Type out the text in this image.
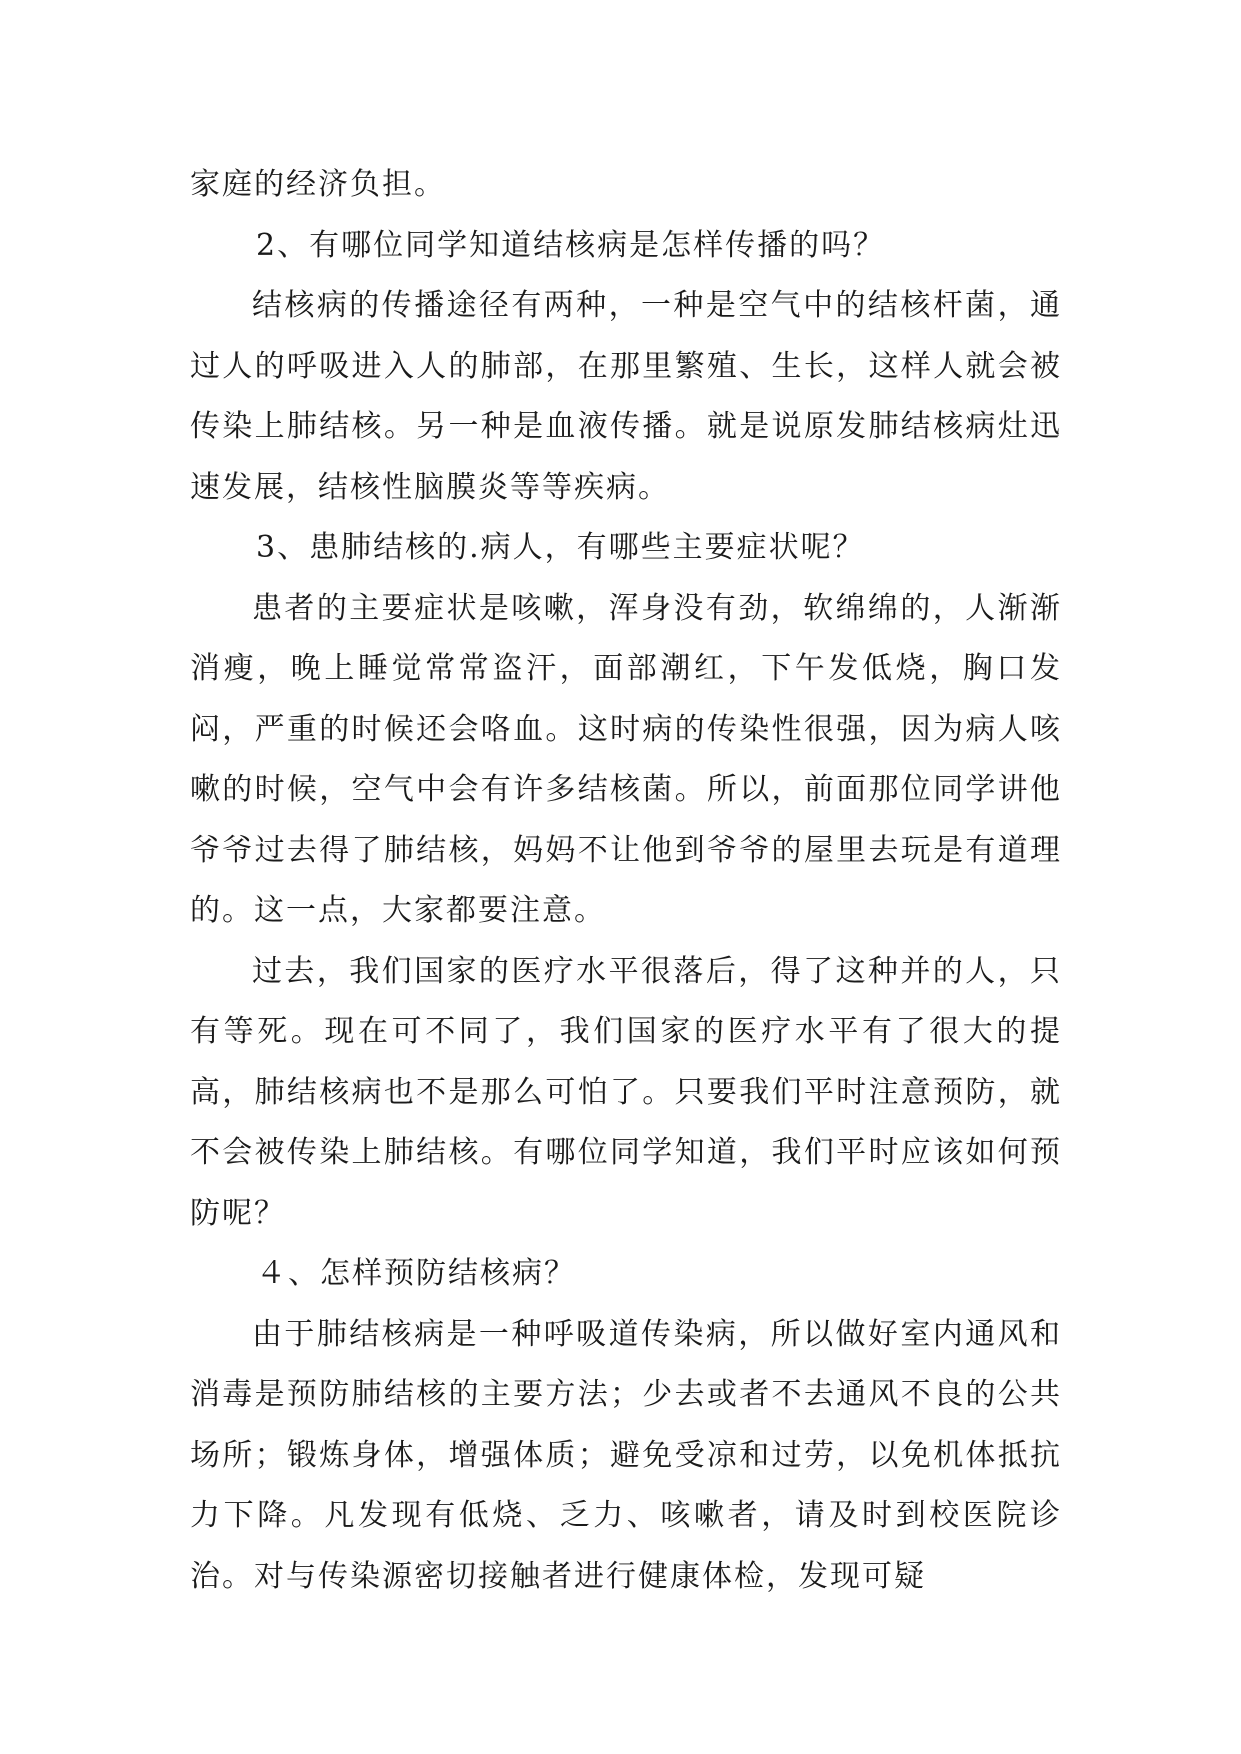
家庭的经济负担。

2、有哪位同学知道结核病是怎样传播的吗？

结核病的传播途径有两种，一种是空气中的结核杆菌，通过人的呼吸进入人的肺部，在那里繁殖、生长，这样人就会被传染上肺结核。另一种是血液传播。就是说原发肺结核病灶迅速发展，结核性脑膜炎等等疾病。

3、患肺结核的.病人，有哪些主要症状呢？

患者的主要症状是咳嗽，浑身没有劲，软绵绵的，人渐渐消瘦，晚上睡觉常常盗汗，面部潮红，下午发低烧，胸口发闷，严重的时候还会咯血。这时病的传染性很强，因为病人咳嗽的时候，空气中会有许多结核菌。所以，前面那位同学讲他爷爷过去得了肺结核，妈妈不让他到爷爷的屋里去玩是有道理的。这一点，大家都要注意。

过去，我们国家的医疗水平很落后，得了这种并的人，只有等死。现在可不同了，我们国家的医疗水平有了很大的提高，肺结核病也不是那么可怕了。只要我们平时注意预防，就不会被传染上肺结核。有哪位同学知道，我们平时应该如何预防呢？

４、怎样预防结核病？

由于肺结核病是一种呼吸道传染病，所以做好室内通风和消毒是预防肺结核的主要方法；少去或者不去通风不良的公共场所；锻炼身体，增强体质；避免受凉和过劳，以免机体抵抗力下降。凡发现有低烧、乏力、咳嗽者，请及时到校医院诊治。对与传染源密切接触者进行健康体检，发现可疑
